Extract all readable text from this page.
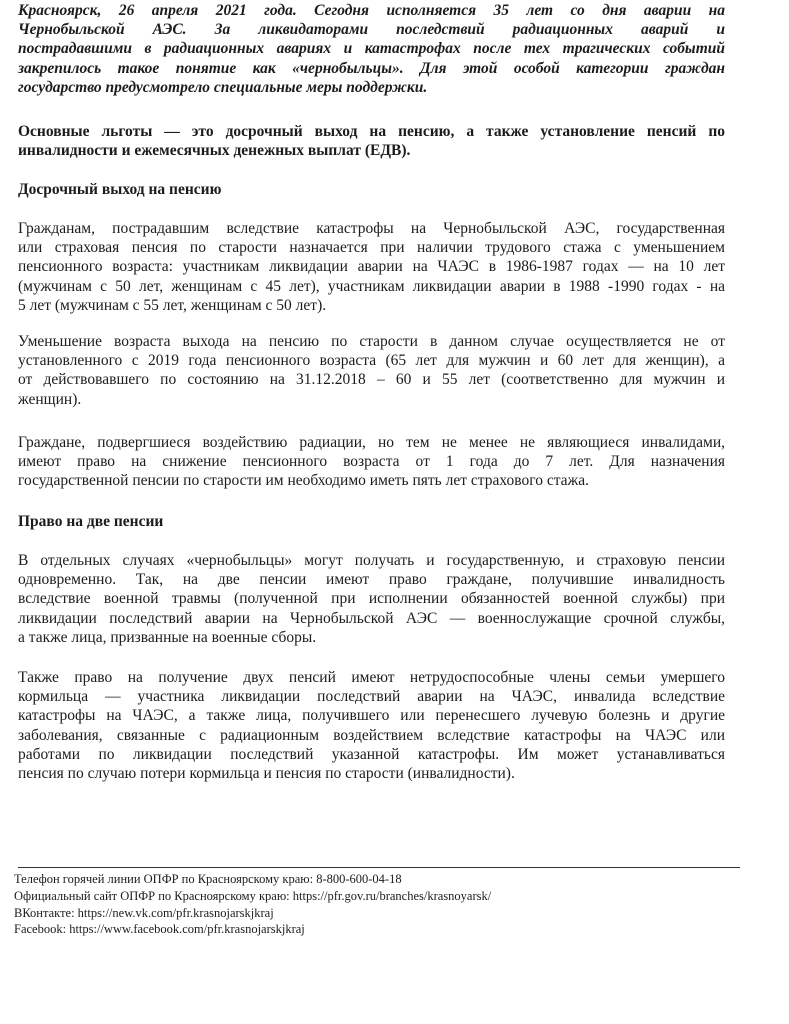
Красноярск, 26 апреля 2021 года. Сегодня исполняется 35 лет со дня аварии на
Чернобыльской АЭС. За ликвидаторами последствий радиационных аварий и
пострадавшими в радиационных авариях и катастрофах после тех трагических событий
закрепилось такое понятие как «чернобыльцы». Для этой особой категории граждан
государство предусмотрело специальные меры поддержки.

Основные льготы — это досрочный выход на пенсию, а также установление пенсий по
инвалидности и ежемесячных денежных выплат (ЕДВ).

Досрочный выход на пенсию

Гражданам, пострадавшим вследствие катастрофы на Чернобыльской АЭС, государственная
или страховая пенсия по старости назначается при наличии трудового стажа с уменьшением
пенсионного возраста: участникам ликвидации аварии на ЧАЭС в 1986-1987 годах — на 10 лет
(мужчинам с 50 лет, женщинам с 45 лет), участникам ликвидации аварии в 1988 -1990 годах - на
5 лет (мужчинам с 55 лет, женщинам с 50 лет).

Уменьшение возраста выхода на пенсию по старости в данном случае осуществляется не от
установленного с 2019 года пенсионного возраста (65 лет для мужчин и 60 лет для женщин), а
от действовавшего по состоянию на 31.12.2018 – 60 и 55 лет (соответственно для мужчин и
женщин).

Граждане, подвергшиеся воздействию радиации, но тем не менее не являющиеся инвалидами,
имеют право на снижение пенсионного возраста от 1 года до 7 лет. Для назначения
государственной пенсии по старости им необходимо иметь пять лет страхового стажа.

Право на две пенсии

В отдельных случаях «чернобыльцы» могут получать и государственную, и страховую пенсии
одновременно. Так, на две пенсии имеют право граждане, получившие инвалидность
вследствие военной травмы (полученной при исполнении обязанностей военной службы) при
ликвидации последствий аварии на Чернобыльской АЭС — военнослужащие срочной службы,
а также лица, призванные на военные сборы.

Также право на получение двух пенсий имеют нетрудоспособные члены семьи умершего
кормильца — участника ликвидации последствий аварии на ЧАЭС, инвалида вследствие
катастрофы на ЧАЭС, а также лица, получившего или перенесшего лучевую болезнь и другие
заболевания, связанные с радиационным воздействием вследствие катастрофы на ЧАЭС или
работами по ликвидации последствий указанной катастрофы. Им может устанавливаться
пенсия по случаю потери кормильца и пенсия по старости (инвалидности).

Телефон горячей линии ОПФР по Красноярскому краю: 8-800-600-04-18
Официальный сайт ОПФР по Красноярскому краю: https://pfr.gov.ru/branches/krasnoyarsk/
ВКонтакте: https://new.vk.com/pfr.krasnojarskjkraj
Facebook: https://www.facebook.com/pfr.krasnojarskjkraj
